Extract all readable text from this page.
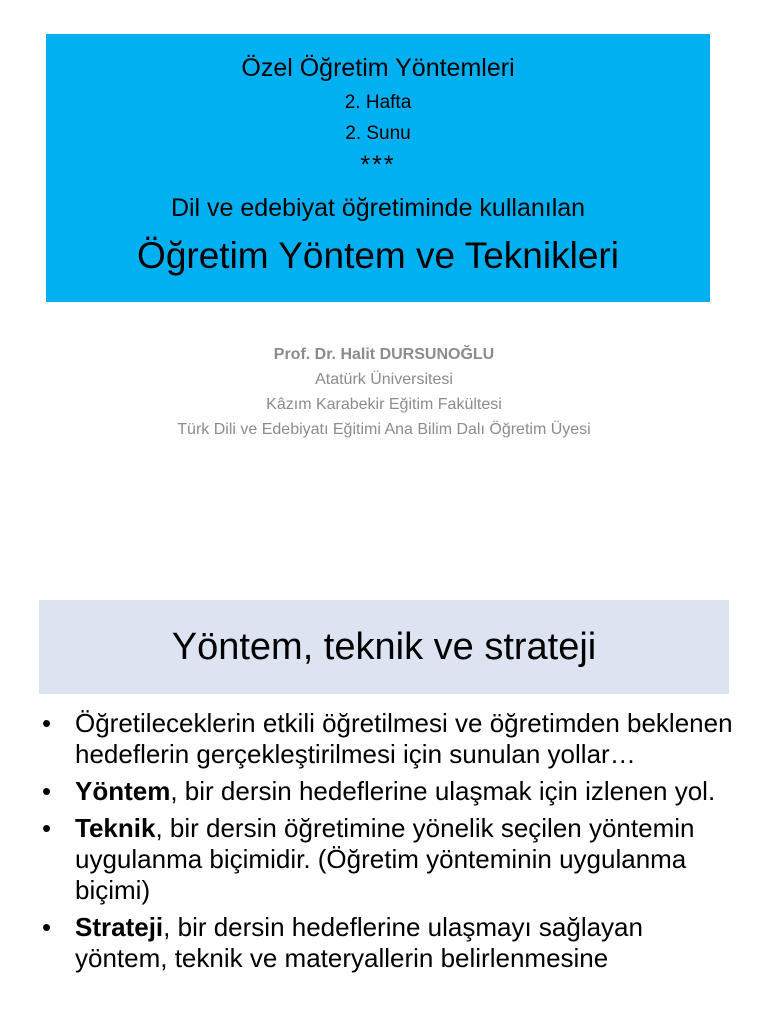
Özel Öğretim Yöntemleri
2. Hafta
2. Sunu
***
Dil ve edebiyat öğretiminde kullanılan
Öğretim Yöntem ve Teknikleri
Prof. Dr. Halit DURSUNOĞLU
Atatürk Üniversitesi
Kâzım Karabekir Eğitim Fakültesi
Türk Dili ve Edebiyatı Eğitimi Ana Bilim Dalı Öğretim Üyesi
Yöntem, teknik ve strateji
• Öğretileceklerin etkili öğretilmesi ve öğretimden beklenen hedeflerin gerçekleştirilmesi için sunulan yollar…
• Yöntem, bir dersin hedeflerine ulaşmak için izlenen yol.
• Teknik, bir dersin öğretimine yönelik seçilen yöntemin uygulanma biçimidir. (Öğretim yönteminin uygulanma biçimi)
• Strateji, bir dersin hedeflerine ulaşmayı sağlayan yöntem, teknik ve materyallerin belirlenmesine
